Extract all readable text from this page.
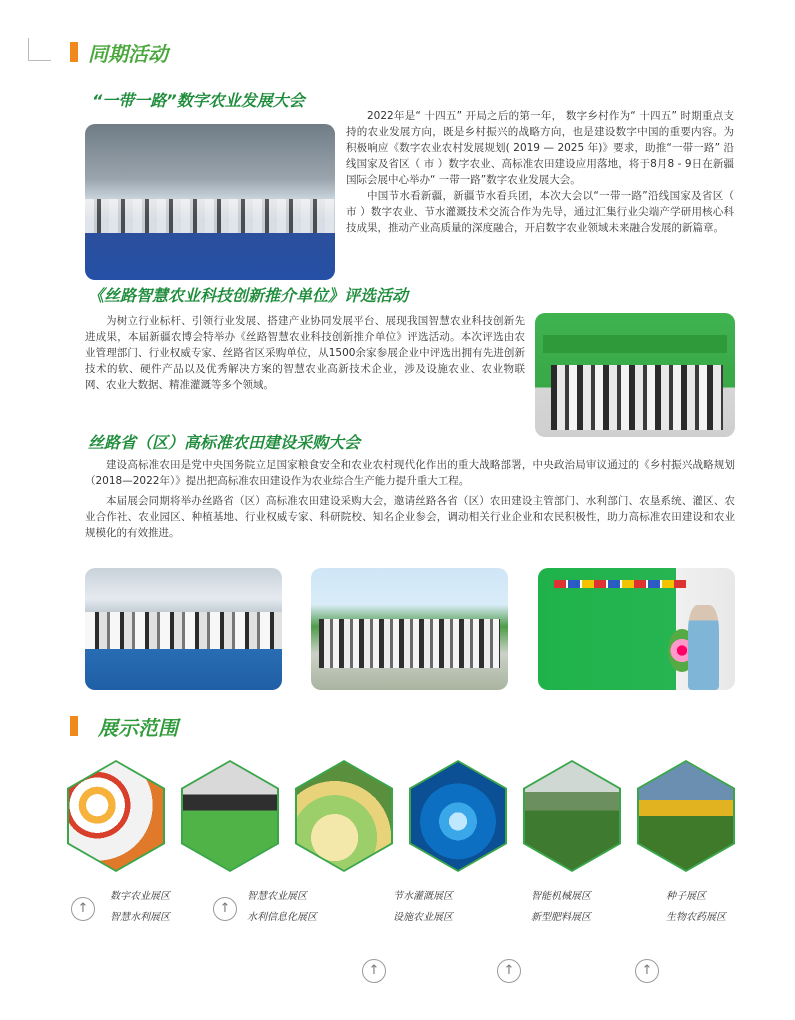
同期活动
“一带一路”数字农业发展大会

2022年是“ 十四五” 开局之后的第一年， 数字乡村作为“ 十四五” 时期重点支持的农业发展方向，既是乡村振兴的战略方向，也是建设数字中国的重要内容。为积极响应《数字农业农村发展规划( 2019 — 2025 年)》要求，助推“一带一路” 沿线国家及省区（ 市 ）数字农业、高标准农田建设应用落地，将于8月8 - 9日在新疆国际会展中心举办“ 一带一路”数字农业发展大会。

中国节水看新疆，新疆节水看兵团，本次大会以“一带一路”沿线国家及省区（ 市 ）数字农业、节水灌溉技术交流合作为先导，通过汇集行业尖端产学研用核心科技成果，推动产业高质量的深度融合，开启数字农业领域未来融合发展的新篇章。

《丝路智慧农业科技创新推介单位》评选活动

为树立行业标杆、引领行业发展、搭建产业协同发展平台、展现我国智慧农业科技创新先进成果，本届新疆农博会特举办《丝路智慧农业科技创新推介单位》评选活动。本次评选由农业管理部门、行业权威专家、丝路省区采购单位，从1500余家参展企业中评选出拥有先进创新技术的软、硬件产品以及优秀解决方案的智慧农业高新技术企业，涉及设施农业、农业物联网、农业大数据、精准灌溉等多个领域。

丝路省（区）高标准农田建设采购大会

建设高标准农田是党中央国务院立足国家粮食安全和农业农村现代化作出的重大战略部署，中央政治局审议通过的《乡村振兴战略规划（2018—2022年）》提出把高标准农田建设作为农业综合生产能力提升重大工程。

本届展会同期将举办丝路省（区）高标准农田建设采购大会，邀请丝路各省（区）农田建设主管部门、水利部门、农垦系统、灌区、农业合作社、农业园区、种植基地、行业权威专家、科研院校、知名企业参会，调动相关行业企业和农民积极性，助力高标准农田建设和农业规模化的有效推进。

展示范围
数字农业展区
智慧水利展区
智慧农业展区
水利信息化展区
节水灌溉展区
设施农业展区
智能机械展区
新型肥料展区
种子展区
生物农药展区
↑	↑
↑	↑	↑
